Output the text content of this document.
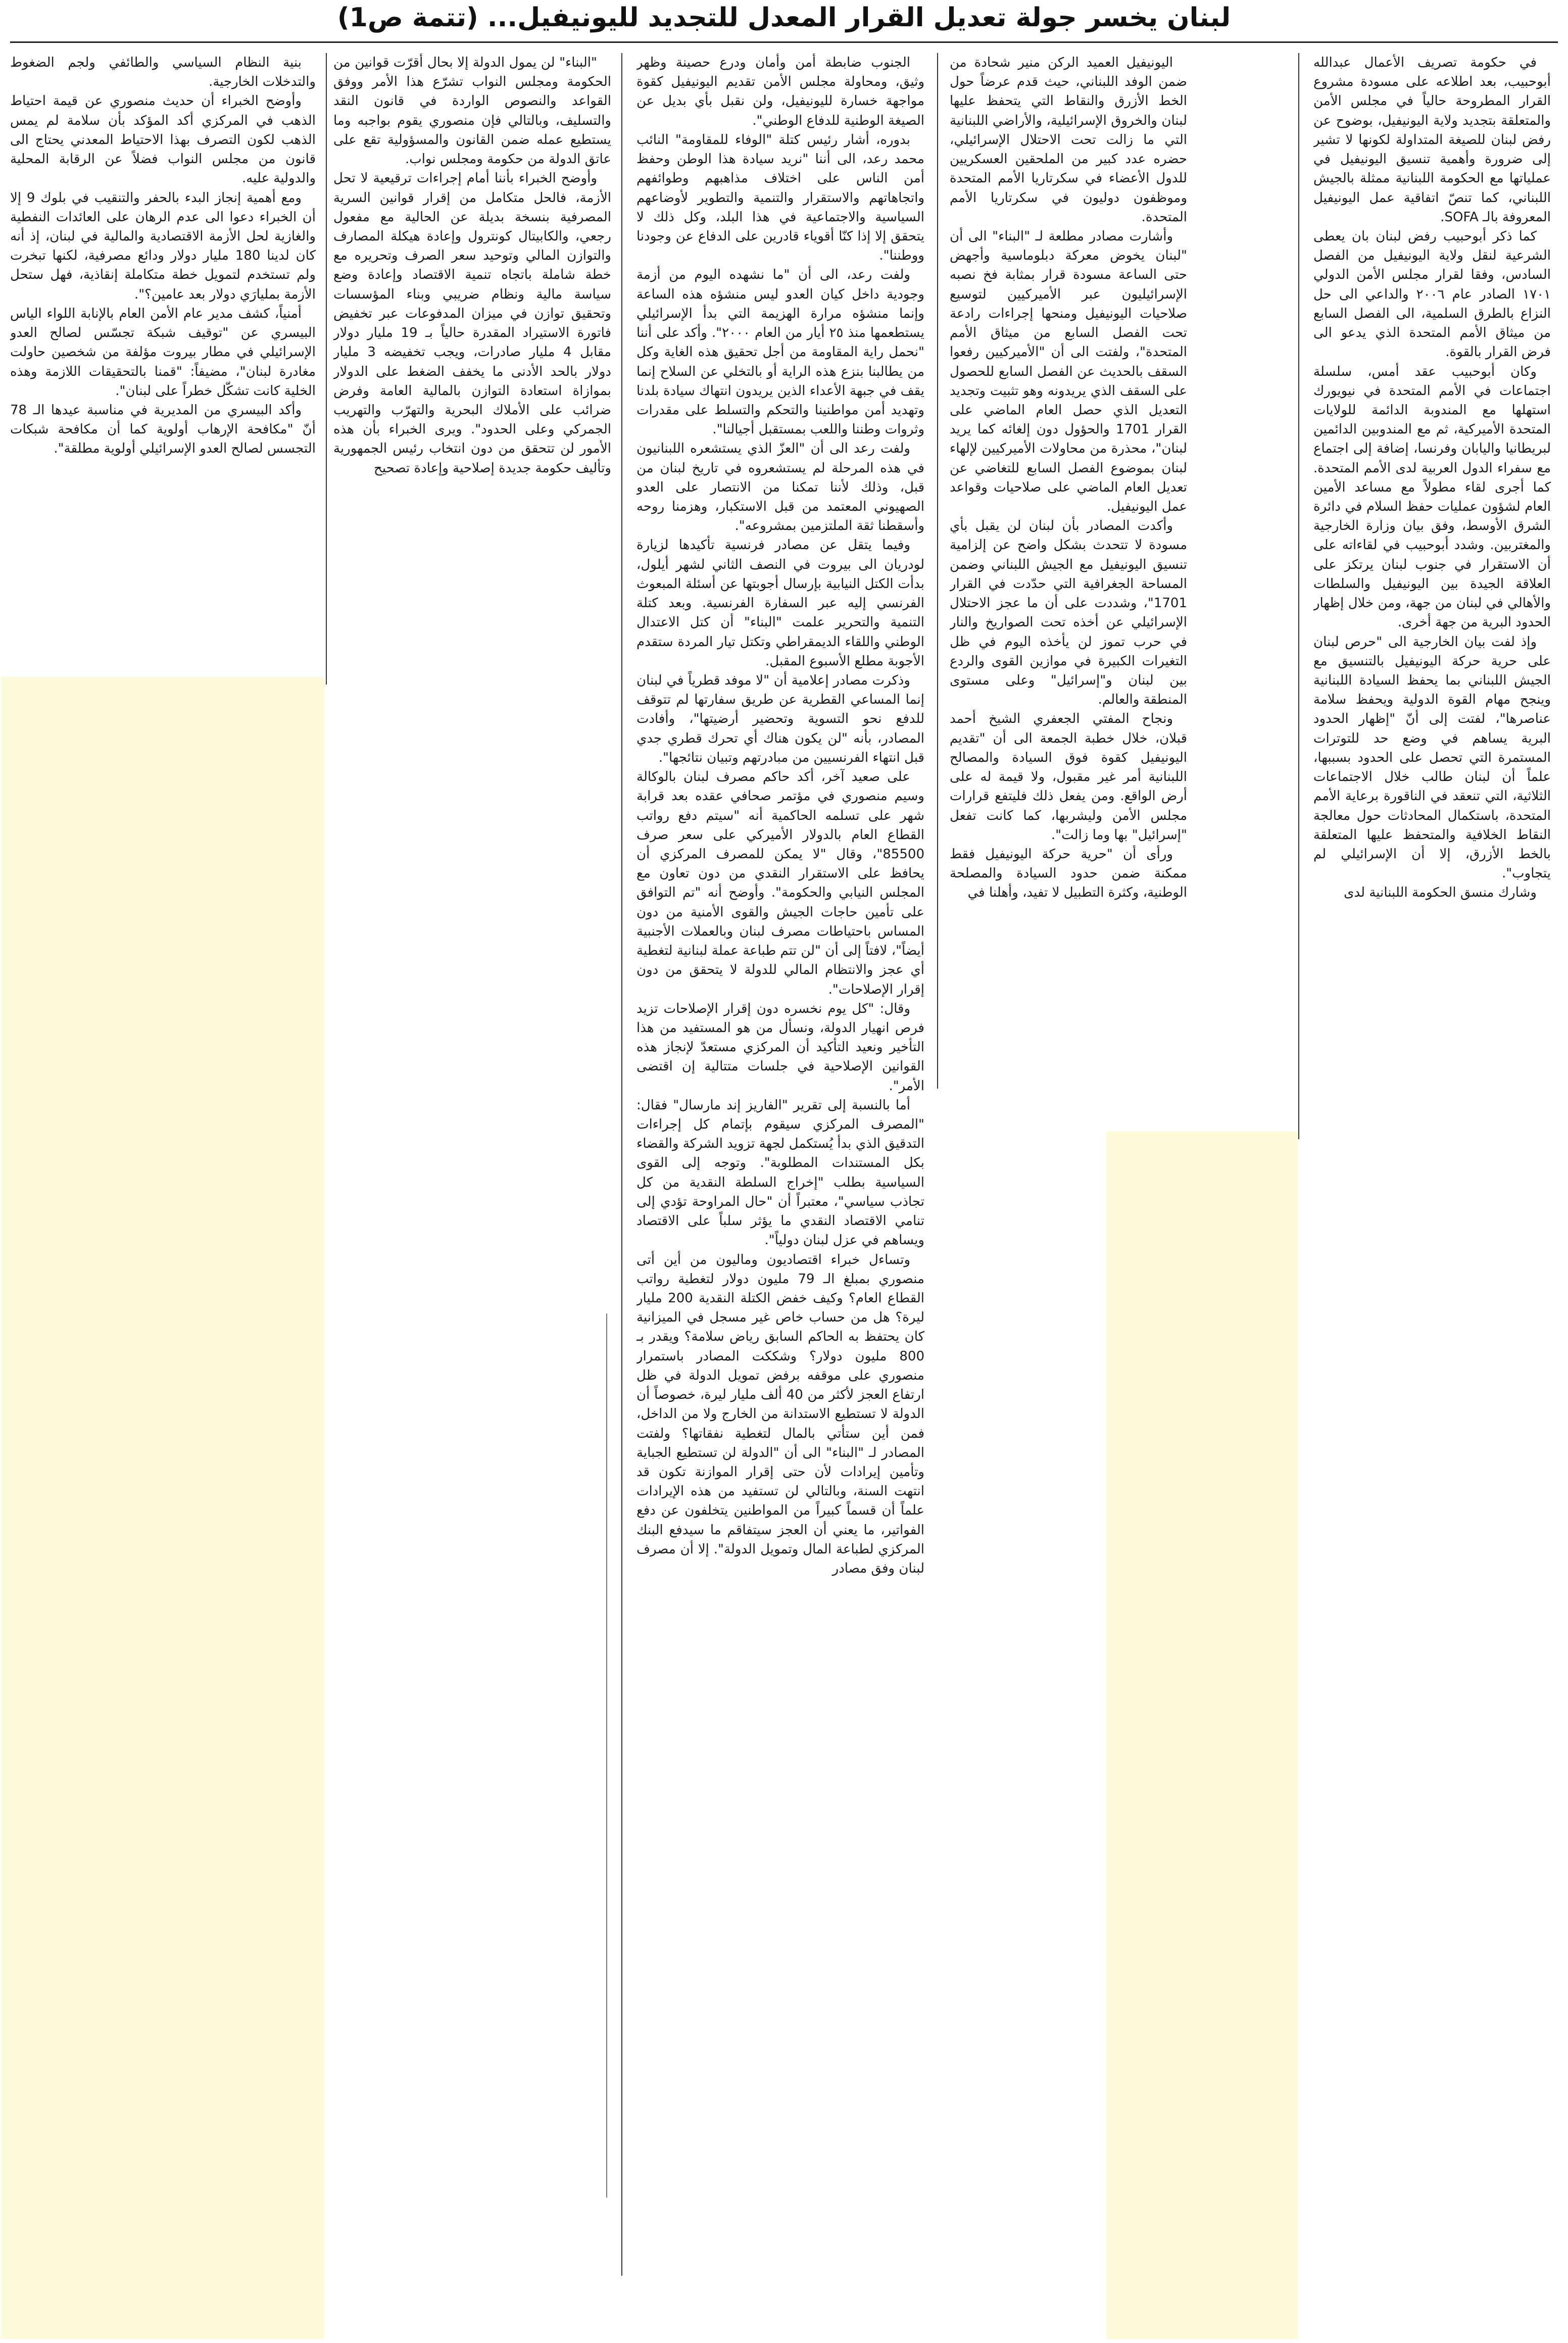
لبنان يخسر جولة تعديل القرار المعدل للتجديد لليونيفيل... (تتمة ص1)

في حكومة تصريف الأعمال عبدالله أبوحبيب، بعد اطلاعه على مسودة مشروع القرار المطروحة حالياً في مجلس الأمن والمتعلقة بتجديد ولاية اليونيفيل، بوضوح عن رفض لبنان للصيغة المتداولة لكونها لا تشير إلى ضرورة وأهمية تنسيق اليونيفيل في عملياتها مع الحكومة اللبنانية ممثلة بالجيش اللبناني، كما تنصّ اتفاقية عمل اليونيفيل المعروفة بالـ SOFA.

كما ذكر أبوحبيب رفض لبنان بان يعطى الشرعية لنقل ولاية اليونيفيل من الفصل السادس، وفقا لقرار مجلس الأمن الدولي ١٧٠١ الصادر عام ٢٠٠٦ والداعي الى حل النزاع بالطرق السلمية، الى الفصل السابع من ميثاق الأمم المتحدة الذي يدعو الى فرض القرار بالقوة.

وكان أبوحبيب عقد أمس، سلسلة اجتماعات في الأمم المتحدة في نيويورك استهلها مع المندوبة الدائمة للولايات المتحدة الأميركية، ثم مع المندوبين الدائمين لبريطانيا واليابان وفرنسا، إضافة إلى اجتماع مع سفراء الدول العربية لدى الأمم المتحدة. كما أجرى لقاء مطولاً مع مساعد الأمين العام لشؤون عمليات حفظ السلام في دائرة الشرق الأوسط، وفق بيان وزارة الخارجية والمغتربين. وشدد أبوحبيب في لقاءاته على أن الاستقرار في جنوب لبنان يرتكز على العلاقة الجيدة بين اليونيفيل والسلطات والأهالي في لبنان من جهة، ومن خلال إظهار الحدود البرية من جهة أخرى.

وإذ لفت بيان الخارجية الى "حرص لبنان على حرية حركة اليونيفيل بالتنسيق مع الجيش اللبناني بما يحفظ السيادة اللبنانية وينجح مهام القوة الدولية ويحفظ سلامة عناصرها"، لفتت إلى أنّ "إظهار الحدود البرية يساهم في وضع حد للتوترات المستمرة التي تحصل على الحدود بسببها، علماً أن لبنان طالب خلال الاجتماعات الثلاثية، التي تنعقد في الناقورة برعاية الأمم المتحدة، باستكمال المحادثات حول معالجة النقاط الخلافية والمتحفظ عليها المتعلقة بالخط الأزرق، إلا أن الإسرائيلي لم يتجاوب".

وشارك منسق الحكومة اللبنانية لدى

اليونيفيل العميد الركن منير شحادة من ضمن الوفد اللبناني، حيث قدم عرضاً حول الخط الأزرق والنقاط التي يتحفظ عليها لبنان والخروق الإسرائيلية، والأراضي اللبنانية التي ما زالت تحت الاحتلال الإسرائيلي، حضره عدد كبير من الملحقين العسكريين للدول الأعضاء في سكرتاريا الأمم المتحدة وموظفون دوليون في سكرتاريا الأمم المتحدة.

وأشارت مصادر مطلعة لـ "البناء" الى أن "لبنان يخوض معركة دبلوماسية وأجهض حتى الساعة مسودة قرار بمثابة فخ نصبه الإسرائيليون عبر الأميركيين لتوسيع صلاحيات اليونيفيل ومنحها إجراءات رادعة تحت الفصل السابع من ميثاق الأمم المتحدة"، ولفتت الى أن "الأميركيين رفعوا السقف بالحديث عن الفصل السابع للحصول على السقف الذي يريدونه وهو تثبيت وتجديد التعديل الذي حصل العام الماضي على القرار 1701 والحؤول دون إلغائه كما يريد لبنان"، محذرة من محاولات الأميركيين لإلهاء لبنان بموضوع الفصل السابع للتغاضي عن تعديل العام الماضي على صلاحيات وقواعد عمل اليونيفيل.

وأكدت المصادر بأن لبنان لن يقبل بأي مسودة لا تتحدث بشكل واضح عن إلزامية تنسيق اليونيفيل مع الجيش اللبناني وضمن المساحة الجغرافية التي حدّدت في القرار 1701"، وشددت على أن ما عجز الاحتلال الإسرائيلي عن أخذه تحت الصواريخ والنار في حرب تموز لن يأخذه اليوم في ظل التغيرات الكبيرة في موازين القوى والردع بين لبنان و"إسرائيل" وعلى مستوى المنطقة والعالم.

ونجاح المفتي الجعفري الشيخ أحمد قبلان، خلال خطبة الجمعة الى أن "تقديم اليونيفيل كقوة فوق السيادة والمصالح اللبنانية أمر غير مقبول، ولا قيمة له على أرض الواقع. ومن يفعل ذلك فليتفع قرارات مجلس الأمن وليشربها، كما كانت تفعل "إسرائيل" بها وما زالت".

ورأى أن "حرية حركة اليونيفيل فقط ممكنة ضمن حدود السيادة والمصلحة الوطنية، وكثرة التطبيل لا تفيد، وأهلنا في

الجنوب ضابطة أمن وأمان ودرع حصينة وظهر وثيق، ومحاولة مجلس الأمن تقديم اليونيفيل كقوة مواجهة خسارة لليونيفيل، ولن نقبل بأي بديل عن الصيغة الوطنية للدفاع الوطني".

بدوره، أشار رئيس كتلة "الوفاء للمقاومة" النائب محمد رعد، الى أننا "نريد سيادة هذا الوطن وحفظ أمن الناس على اختلاف مذاهبهم وطوائفهم واتجاهاتهم والاستقرار والتنمية والتطوير لأوضاعهم السياسية والاجتماعية في هذا البلد، وكل ذلك لا يتحقق إلا إذا كنّا أقوياء قادرين على الدفاع عن وجودنا ووطننا".

ولفت رعد، الى أن "ما نشهده اليوم من أزمة وجودية داخل كيان العدو ليس منشؤه هذه الساعة وإنما منشؤه مرارة الهزيمة التي بدأ الإسرائيلي يستطعمها منذ ٢٥ أيار من العام ٢٠٠٠". وأكد على أننا "نحمل راية المقاومة من أجل تحقيق هذه الغاية وكل من يطالبنا بنزع هذه الراية أو بالتخلي عن السلاح إنما يقف في جبهة الأعداء الذين يريدون انتهاك سيادة بلدنا وتهديد أمن مواطنينا والتحكم والتسلط على مقدرات وثروات وطننا واللعب بمستقبل أجيالنا".

ولفت رعد الى أن "العزّ الذي يستشعره اللبنانيون في هذه المرحلة لم يستشعروه في تاريخ لبنان من قبل، وذلك لأننا تمكنا من الانتصار على العدو الصهيوني المعتمد من قبل الاستكبار، وهزمنا روحه وأسقطنا ثقة الملتزمين بمشروعه".

وفيما يتقل عن مصادر فرنسية تأكيدها لزيارة لودريان الى بيروت في النصف الثاني لشهر أيلول، بدأت الكتل النيابية بإرسال أجوبتها عن أسئلة المبعوث الفرنسي إليه عبر السفارة الفرنسية. وبعد كتلة التنمية والتحرير علمت "البناء" أن كتل الاعتدال الوطني واللقاء الديمقراطي وتكتل تيار المردة ستقدم الأجوبة مطلع الأسبوع المقبل.

وذكرت مصادر إعلامية أن "لا موفد قطرياً في لبنان إنما المساعي القطرية عن طريق سفارتها لم تتوقف للدفع نحو التسوية وتحضير أرضيتها"، وأفادت المصادر، بأنه "لن يكون هناك أي تحرك قطري جدي قبل انتهاء الفرنسيين من مبادرتهم وتبيان نتائجها".

على صعيد آخر، أكد حاكم مصرف لبنان بالوكالة وسيم منصوري في مؤتمر صحافي عقده بعد قرابة شهر على تسلمه الحاكمية أنه "سيتم دفع رواتب القطاع العام بالدولار الأميركي على سعر صرف 85500"، وقال "لا يمكن للمصرف المركزي أن يحافظ على الاستقرار النقدي من دون تعاون مع المجلس النيابي والحكومة". وأوضح أنه "تم التوافق على تأمين حاجات الجيش والقوى الأمنية من دون المساس باحتياطات مصرف لبنان وبالعملات الأجنبية أيضاً"، لافتاً إلى أن "لن تتم طباعة عملة لبنانية لتغطية أي عجز والانتظام المالي للدولة لا يتحقق من دون إقرار الإصلاحات".

وقال: "كل يوم نخسره دون إقرار الإصلاحات تزيد فرص انهيار الدولة، ونسأل من هو المستفيد من هذا التأخير ونعيد التأكيد أن المركزي مستعدّ لإنجاز هذه القوانين الإصلاحية في جلسات متتالية إن اقتضى الأمر".

أما بالنسبة إلى تقرير "الفاريز إند مارسال" فقال: "المصرف المركزي سيقوم بإتمام كل إجراءات التدقيق الذي بدأ يُستكمل لجهة تزويد الشركة والقضاء بكل المستندات المطلوبة". وتوجه إلى القوى السياسية بطلب "إخراج السلطة النقدية من كل تجاذب سياسي"، معتبراً أن "حال المراوحة تؤدي إلى تنامي الاقتصاد النقدي ما يؤثر سلباً على الاقتصاد ويساهم في عزل لبنان دولياً".

وتساءل خبراء اقتصاديون وماليون من أين أتى منصوري بمبلغ الـ 79 مليون دولار لتغطية رواتب القطاع العام؟ وكيف خفض الكتلة النقدية 200 مليار ليرة؟ هل من حساب خاص غير مسجل في الميزانية كان يحتفظ به الحاكم السابق رياض سلامة؟ ويقدر بـ 800 مليون دولار؟ وشككت المصادر باستمرار منصوري على موقفه برفض تمويل الدولة في ظل ارتفاع العجز لأكثر من 40 ألف مليار ليرة، خصوصاً أن الدولة لا تستطيع الاستدانة من الخارج ولا من الداخل، فمن أين ستأتي بالمال لتغطية نفقاتها؟ ولفتت المصادر لـ "البناء" الى أن "الدولة لن تستطيع الجباية وتأمين إيرادات لأن حتى إقرار الموازنة تكون قد انتهت السنة، وبالتالي لن تستفيد من هذه الإيرادات علماً أن قسماً كبيراً من المواطنين يتخلفون عن دفع الفواتير، ما يعني أن العجز سيتفاقم ما سيدفع البنك المركزي لطباعة المال وتمويل الدولة". إلا أن مصرف لبنان وفق مصادر

"البناء" لن يمول الدولة إلا بحال أقرّت قوانين من الحكومة ومجلس النواب تشرّع هذا الأمر ووفق القواعد والنصوص الواردة في قانون النقد والتسليف، وبالتالي فإن منصوري يقوم بواجبه وما يستطيع عمله ضمن القانون والمسؤولية تقع على عاتق الدولة من حكومة ومجلس نواب.

وأوضح الخبراء بأننا أمام إجراءات ترقيعية لا تحل الأزمة، فالحل متكامل من إقرار قوانين السرية المصرفية بنسخة بديلة عن الحالية مع مفعول رجعي، والكابيتال كونترول وإعادة هيكلة المصارف والتوازن المالي وتوحيد سعر الصرف وتحريره مع خطة شاملة باتجاه تنمية الاقتصاد وإعادة وضع سياسة مالية ونظام ضريبي وبناء المؤسسات وتحقيق توازن في ميزان المدفوعات عبر تخفيض فاتورة الاستيراد المقدرة حالياً بـ 19 مليار دولار مقابل 4 مليار صادرات، ويجب تخفيضه 3 مليار دولار بالحد الأدنى ما يخفف الضغط على الدولار بموازاة استعادة التوازن بالمالية العامة وفرض ضرائب على الأملاك البحرية والتهرّب والتهريب الجمركي وعلى الحدود". ويرى الخبراء بأن هذه الأمور لن تتحقق من دون انتخاب رئيس الجمهورية وتأليف حكومة جديدة إصلاحية وإعادة تصحيح

بنية النظام السياسي والطائفي ولجم الضغوط والتدخلات الخارجية.

وأوضح الخبراء أن حديث منصوري عن قيمة احتياط الذهب في المركزي أكد المؤكد بأن سلامة لم يمس الذهب لكون التصرف بهذا الاحتياط المعدني يحتاج الى قانون من مجلس النواب فضلاً عن الرقابة المحلية والدولية عليه.

ومع أهمية إنجاز البدء بالحفر والتنقيب في بلوك 9 إلا أن الخبراء دعوا الى عدم الرهان على العائدات النفطية والغازية لحل الأزمة الاقتصادية والمالية في لبنان، إذ أنه كان لدينا 180 مليار دولار ودائع مصرفية، لكنها تبخرت ولم تستخدم لتمويل خطة متكاملة إنقاذية، فهل ستحل الأزمة بمليارَي دولار بعد عامين؟".

أمنياً، كشف مدير عام الأمن العام بالإنابة اللواء الياس البيسري عن "توقيف شبكة تجسّس لصالح العدو الإسرائيلي في مطار بيروت مؤلفة من شخصين حاولت مغادرة لبنان"، مضيفاً: "قمنا بالتحقيقات اللازمة وهذه الخلية كانت تشكّل خطراً على لبنان".

وأكد البيسري من المديرية في مناسبة عيدها الـ 78 أنّ "مكافحة الإرهاب أولوية كما أن مكافحة شبكات التجسس لصالح العدو الإسرائيلي أولوية مطلقة".
